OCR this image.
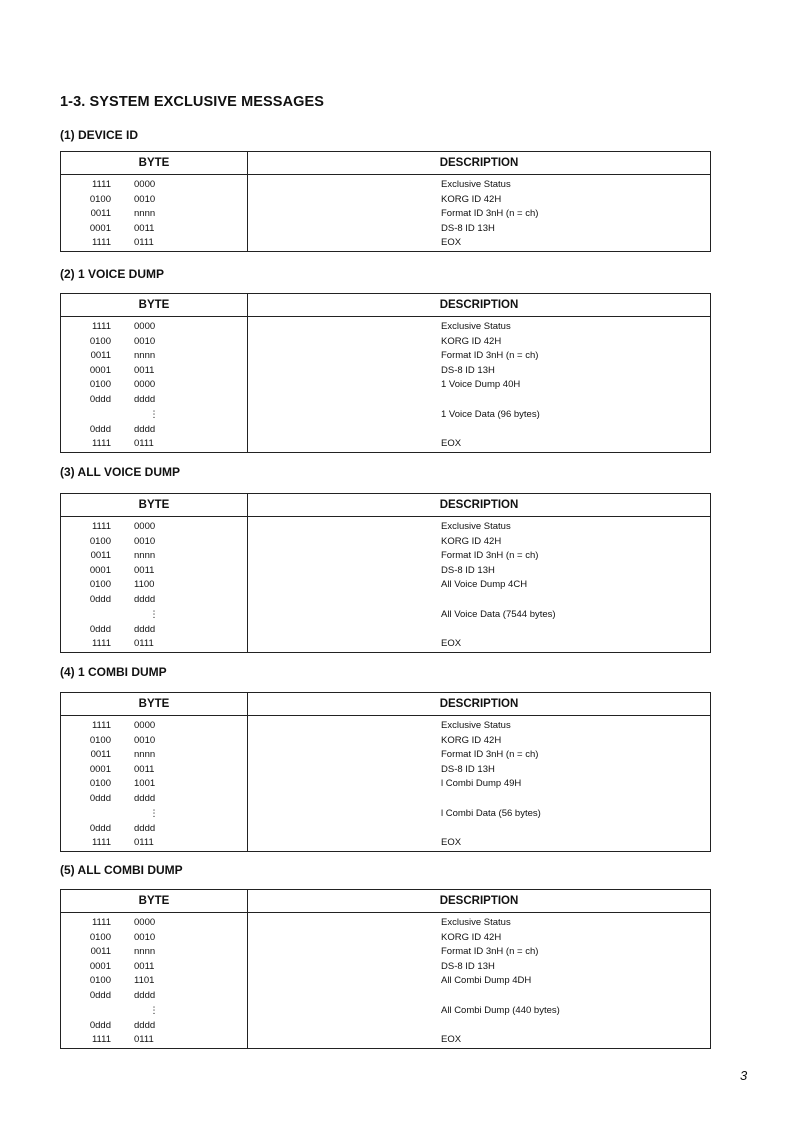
1-3. SYSTEM EXCLUSIVE MESSAGES
(1) DEVICE ID
BYTE	DESCRIPTION
1111 0000	Exclusive Status
0100 0010	KORG ID 42H
0011 nnnn	Format ID 3nH (n = ch)
0001 0011	DS-8 ID 13H
1111 0111	EOX
(2) 1 VOICE DUMP
BYTE	DESCRIPTION
1111 0000	Exclusive Status
0100 0010	KORG ID 42H
0011 nnnn	Format ID 3nH (n = ch)
0001 0011	DS-8 ID 13H
0100 0000	1 Voice Dump 40H
0ddd dddd	
⋮	1 Voice Data (96 bytes)
0ddd dddd	
1111 0111	EOX
(3) ALL VOICE DUMP
BYTE	DESCRIPTION
1111 0000	Exclusive Status
0100 0010	KORG ID 42H
0011 nnnn	Format ID 3nH (n = ch)
0001 0011	DS-8 ID 13H
0100 1100	All Voice Dump 4CH
0ddd dddd	
⋮	All Voice Data (7544 bytes)
0ddd dddd	
1111 0111	EOX
(4) 1 COMBI DUMP
BYTE	DESCRIPTION
1111 0000	Exclusive Status
0100 0010	KORG ID 42H
0011 nnnn	Format ID 3nH (n = ch)
0001 0011	DS-8 ID 13H
0100 1001	l Combi Dump 49H
0ddd dddd	
⋮	l Combi Data (56 bytes)
0ddd dddd	
1111 0111	EOX
(5) ALL COMBI DUMP
BYTE	DESCRIPTION
1111 0000	Exclusive Status
0100 0010	KORG ID 42H
0011 nnnn	Format ID 3nH (n = ch)
0001 0011	DS-8 ID 13H
0100 1101	All Combi Dump 4DH
0ddd dddd	
⋮	All Combi Dump (440 bytes)
0ddd dddd	
1111 0111	EOX
3
